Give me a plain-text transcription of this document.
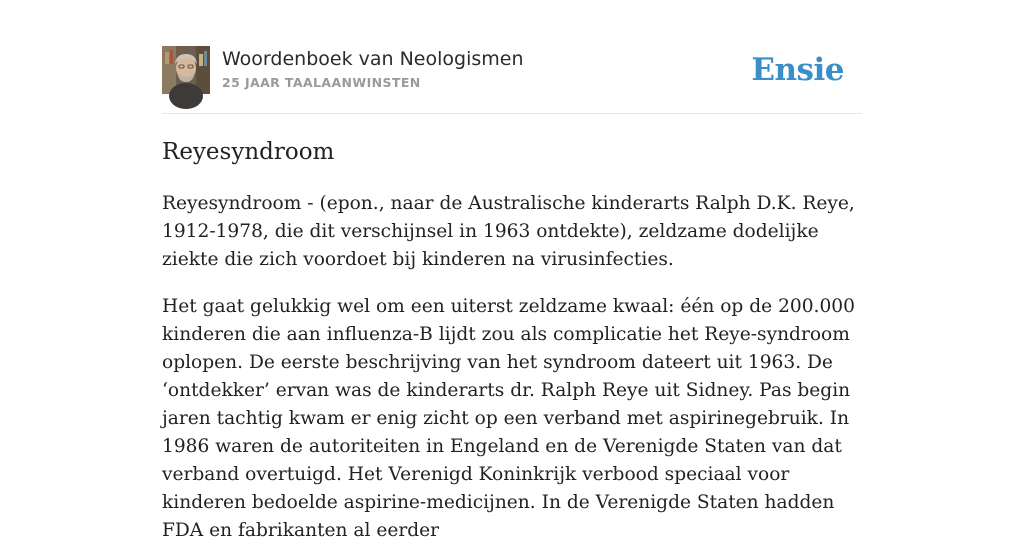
Woordenboek van Neologismen
25 JAAR TAALAANWINSTEN	Ensie
Reyesyndroom

Reyesyndroom - (epon., naar de Australische kinderarts Ralph D.K. Reye, 1912-1978, die dit verschijnsel in 1963 ontdekte), zeldzame dodelijke ziekte die zich voordoet bij kinderen na virusinfecties.

Het gaat gelukkig wel om een uiterst zeldzame kwaal: één op de 200.000 kinderen die aan influenza-B lijdt zou als complicatie het Reye-syndroom oplopen. De eerste beschrijving van het syndroom dateert uit 1963. De ‘ontdekker’ ervan was de kinderarts dr. Ralph Reye uit Sidney. Pas begin jaren tachtig kwam er enig zicht op een verband met aspirinegebruik. In 1986 waren de autoriteiten in Engeland en de Verenigde Staten van dat verband overtuigd. Het Verenigd Koninkrijk verbood speciaal voor kinderen bedoelde aspirine-medicijnen. In de Verenigde Staten hadden FDA en fabrikanten al eerder
